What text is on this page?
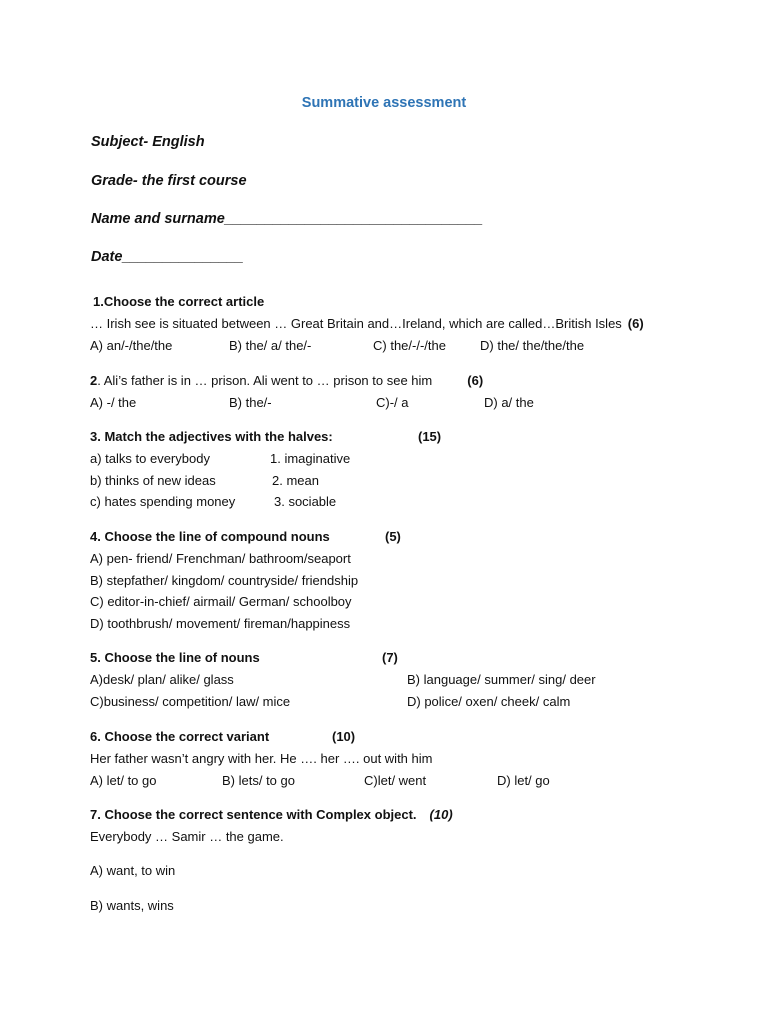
Summative assessment
Subject- English
Grade- the first course
Name and surname________________________________
Date_______________
1.Choose the correct article
… Irish see is situated between … Great Britain and…Ireland, which are called…British Isles (6)
A) an/-/the/the	B) the/ a/ the/-	C) the/-/-/the	D) the/ the/the/the
2 . Ali’s father is in … prison. Ali went to … prison to see him	(6)
A) -/ the	B) the/-	C)-/ a	D) a/ the
3. Match the adjectives with the halves:	(15)
a) talks to everybody	1. imaginative
b) thinks of new ideas	2. mean
c) hates spending money	3. sociable
4. Choose the line of compound nouns	(5)
A) pen- friend/ Frenchman/ bathroom/seaport
B) stepfather/ kingdom/ countryside/ friendship
C) editor-in-chief/ airmail/ German/ schoolboy
D) toothbrush/ movement/ fireman/happiness
5. Choose the line of nouns	(7)
A)desk/ plan/ alike/ glass	B) language/ summer/ sing/ deer
C)business/ competition/ law/ mice	D) police/ oxen/ cheek/ calm
6. Choose the correct variant	(10)
Her father wasn’t angry with her. He …. her …. out with him
A) let/ to go	B) lets/ to go	C)let/ went	D) let/ go
7. Choose the correct sentence with Complex object. (10)
Everybody … Samir … the game.
A) want, to win
B) wants, wins
